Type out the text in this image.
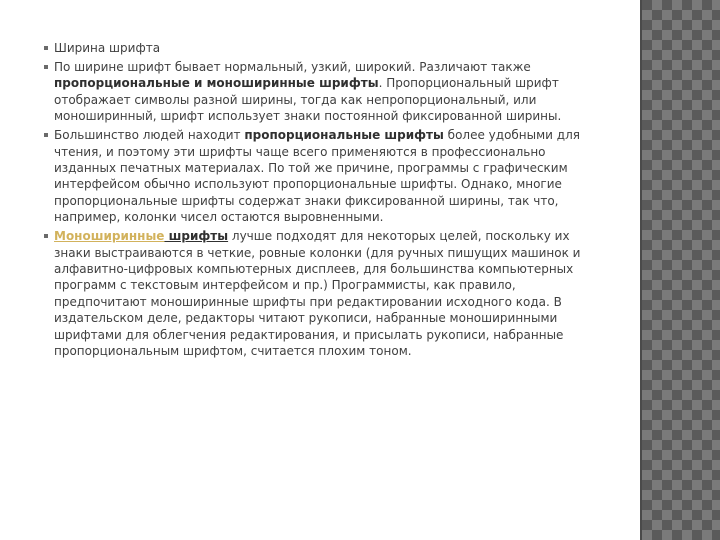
Ширина шрифта
По ширине шрифт бывает нормальный, узкий, широкий. Различают также пропорциональные и моноширинные шрифты. Пропорциональный шрифт отображает символы разной ширины, тогда как непропорциональный, или моноширинный, шрифт использует знаки постоянной фиксированной ширины.
Большинство людей находит пропорциональные шрифты более удобными для чтения, и поэтому эти шрифты чаще всего применяются в профессионально изданных печатных материалах. По той же причине, программы с графическим интерфейсом обычно используют пропорциональные шрифты. Однако, многие пропорциональные шрифты содержат знаки фиксированной ширины, так что, например, колонки чисел остаются выровненными.
Моноширинные шрифты лучше подходят для некоторых целей, поскольку их знаки выстраиваются в четкие, ровные колонки (для ручных пишущих машинок и алфавитно-цифровых компьютерных дисплеев, для большинства компьютерных программ с текстовым интерфейсом и пр.) Программисты, как правило, предпочитают моноширинные шрифты при редактировании исходного кода. В издательском деле, редакторы читают рукописи, набранные моноширинными шрифтами для облегчения редактирования, и присылать рукописи, набранные пропорциональным шрифтом, считается плохим тоном.
